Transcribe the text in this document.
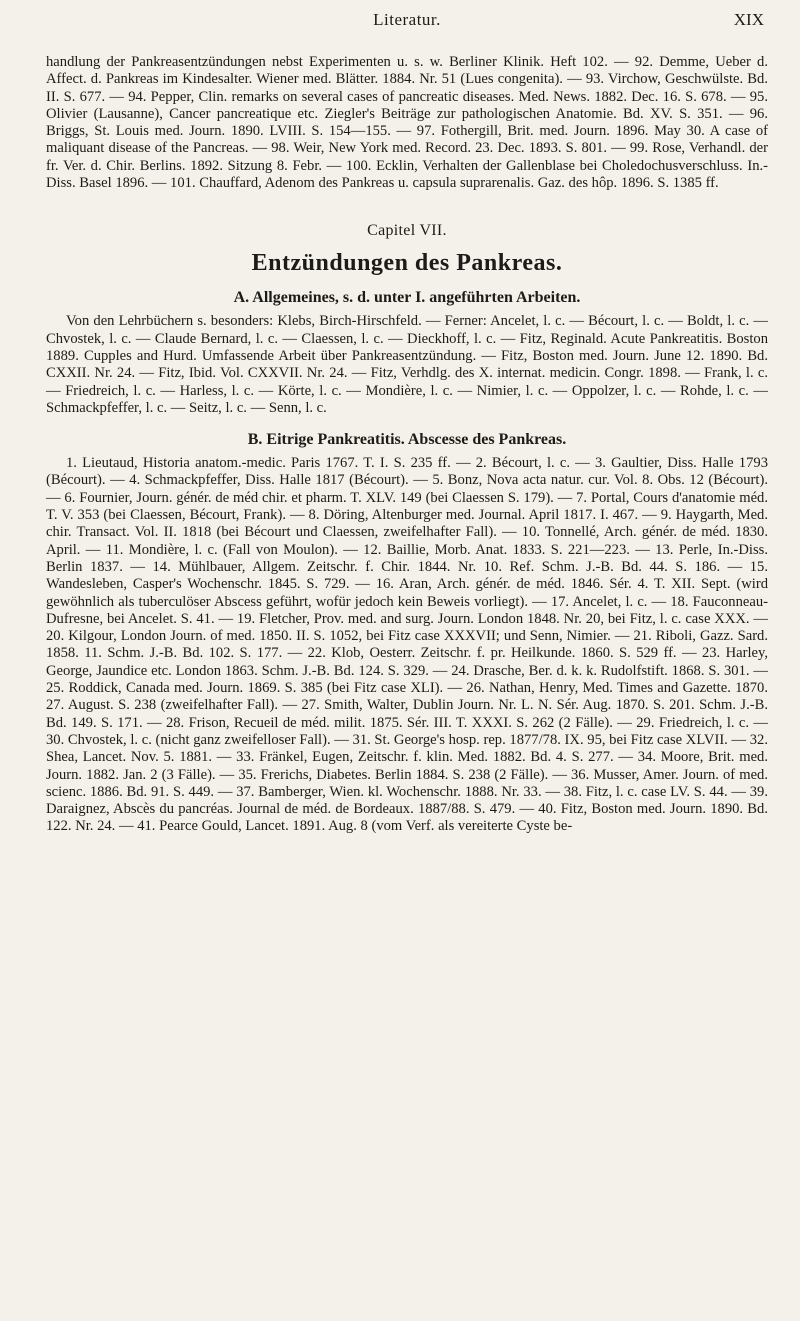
Literatur.	XIX

handlung der Pankreasentzündungen nebst Experimenten u. s. w. Berliner Klinik. Heft 102. — 92. Demme, Ueber d. Affect. d. Pankreas im Kindesalter. Wiener med. Blätter. 1884. Nr. 51 (Lues congenita). — 93. Virchow, Geschwülste. Bd. II. S. 677. — 94. Pepper, Clin. remarks on several cases of pancreatic diseases. Med. News. 1882. Dec. 16. S. 678. — 95. Olivier (Lausanne), Cancer pancreatique etc. Ziegler's Beiträge zur pathologischen Anatomie. Bd. XV. S. 351. — 96. Briggs, St. Louis med. Journ. 1890. LVIII. S. 154—155. — 97. Fothergill, Brit. med. Journ. 1896. May 30. A case of maliquant disease of the Pancreas. — 98. Weir, New York med. Record. 23. Dec. 1893. S. 801. — 99. Rose, Verhandl. der fr. Ver. d. Chir. Berlins. 1892. Sitzung 8. Febr. — 100. Ecklin, Verhalten der Gallenblase bei Choledochusverschluss. In.-Diss. Basel 1896. — 101. Chauffard, Adenom des Pankreas u. capsula suprarenalis. Gaz. des hôp. 1896. S. 1385 ff.

Capitel VII.
Entzündungen des Pankreas.
A. Allgemeines, s. d. unter I. angeführten Arbeiten.

Von den Lehrbüchern s. besonders: Klebs, Birch-Hirschfeld. — Ferner: Ancelet, l. c. — Bécourt, l. c. — Boldt, l. c. — Chvostek, l. c. — Claude Bernard, l. c. — Claessen, l. c. — Dieckhoff, l. c. — Fitz, Reginald. Acute Pankreatitis. Boston 1889. Cupples and Hurd. Umfassende Arbeit über Pankreasentzündung. — Fitz, Boston med. Journ. June 12. 1890. Bd. CXXII. Nr. 24. — Fitz, Ibid. Vol. CXXVII. Nr. 24. — Fitz, Verhdlg. des X. internat. medicin. Congr. 1898. — Frank, l. c. — Friedreich, l. c. — Harless, l. c. — Körte, l. c. — Mondière, l. c. — Nimier, l. c. — Oppolzer, l. c. — Rohde, l. c. — Schmackpfeffer, l. c. — Seitz, l. c. — Senn, l. c.

B. Eitrige Pankreatitis. Abscesse des Pankreas.

1. Lieutaud, Historia anatom.-medic. Paris 1767. T. I. S. 235 ff. — 2. Bécourt, l. c. — 3. Gaultier, Diss. Halle 1793 (Bécourt). — 4. Schmackpfeffer, Diss. Halle 1817 (Bécourt). — 5. Bonz, Nova acta natur. cur. Vol. 8. Obs. 12 (Bécourt). — 6. Fournier, Journ. génér. de méd chir. et pharm. T. XLV. 149 (bei Claessen S. 179). — 7. Portal, Cours d'anatomie méd. T. V. 353 (bei Claessen, Bécourt, Frank). — 8. Döring, Altenburger med. Journal. April 1817. I. 467. — 9. Haygarth, Med. chir. Transact. Vol. II. 1818 (bei Bécourt und Claessen, zweifelhafter Fall). — 10. Tonnellé, Arch. génér. de méd. 1830. April. — 11. Mondière, l. c. (Fall von Moulon). — 12. Baillie, Morb. Anat. 1833. S. 221—223. — 13. Perle, In.-Diss. Berlin 1837. — 14. Mühlbauer, Allgem. Zeitschr. f. Chir. 1844. Nr. 10. Ref. Schm. J.-B. Bd. 44. S. 186. — 15. Wandesleben, Casper's Wochenschr. 1845. S. 729. — 16. Aran, Arch. génér. de méd. 1846. Sér. 4. T. XII. Sept. (wird gewöhnlich als tuberculöser Abscess geführt, wofür jedoch kein Beweis vorliegt). — 17. Ancelet, l. c. — 18. Fauconneau-Dufresne, bei Ancelet. S. 41. — 19. Fletcher, Prov. med. and surg. Journ. London 1848. Nr. 20, bei Fitz, l. c. case XXX. — 20. Kilgour, London Journ. of med. 1850. II. S. 1052, bei Fitz case XXXVII; und Senn, Nimier. — 21. Riboli, Gazz. Sard. 1858. 11. Schm. J.-B. Bd. 102. S. 177. — 22. Klob, Oesterr. Zeitschr. f. pr. Heilkunde. 1860. S. 529 ff. — 23. Harley, George, Jaundice etc. London 1863. Schm. J.-B. Bd. 124. S. 329. — 24. Drasche, Ber. d. k. k. Rudolfstift. 1868. S. 301. — 25. Roddick, Canada med. Journ. 1869. S. 385 (bei Fitz case XLI). — 26. Nathan, Henry, Med. Times and Gazette. 1870. 27. August. S. 238 (zweifelhafter Fall). — 27. Smith, Walter, Dublin Journ. Nr. L. N. Sér. Aug. 1870. S. 201. Schm. J.-B. Bd. 149. S. 171. — 28. Frison, Recueil de méd. milit. 1875. Sér. III. T. XXXI. S. 262 (2 Fälle). — 29. Friedreich, l. c. — 30. Chvostek, l. c. (nicht ganz zweifelloser Fall). — 31. St. George's hosp. rep. 1877/78. IX. 95, bei Fitz case XLVII. — 32. Shea, Lancet. Nov. 5. 1881. — 33. Fränkel, Eugen, Zeitschr. f. klin. Med. 1882. Bd. 4. S. 277. — 34. Moore, Brit. med. Journ. 1882. Jan. 2 (3 Fälle). — 35. Frerichs, Diabetes. Berlin 1884. S. 238 (2 Fälle). — 36. Musser, Amer. Journ. of med. scienc. 1886. Bd. 91. S. 449. — 37. Bamberger, Wien. kl. Wochenschr. 1888. Nr. 33. — 38. Fitz, l. c. case LV. S. 44. — 39. Daraignez, Abscès du pancréas. Journal de méd. de Bordeaux. 1887/88. S. 479. — 40. Fitz, Boston med. Journ. 1890. Bd. 122. Nr. 24. — 41. Pearce Gould, Lancet. 1891. Aug. 8 (vom Verf. als vereiterte Cyste be-
